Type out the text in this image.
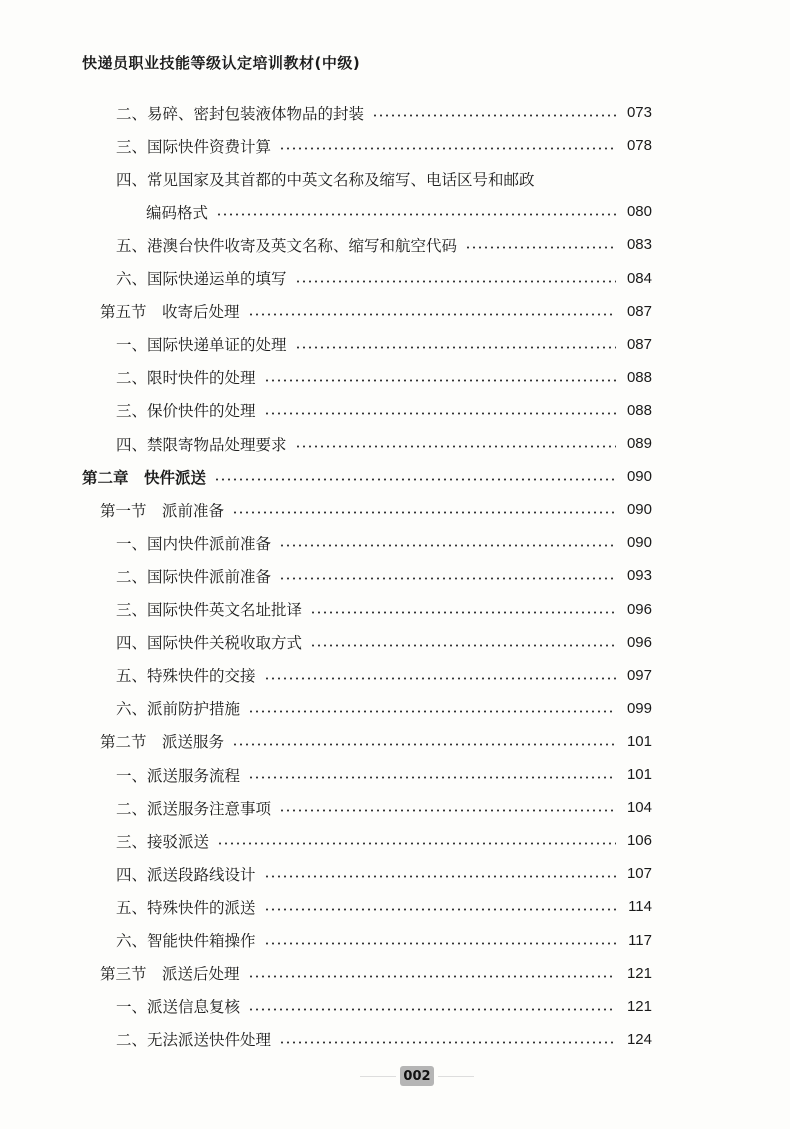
快递员职业技能等级认定培训教材(中级)
二、易碎、密封包装液体物品的封装	073
三、国际快件资费计算	078
四、常见国家及其首都的中英文名称及缩写、电话区号和邮政
编码格式	080
五、港澳台快件收寄及英文名称、缩写和航空代码	083
六、国际快递运单的填写	084
第五节　收寄后处理	087
一、国际快递单证的处理	087
二、限时快件的处理	088
三、保价快件的处理	088
四、禁限寄物品处理要求	089
第二章　快件派送	090
第一节　派前准备	090
一、国内快件派前准备	090
二、国际快件派前准备	093
三、国际快件英文名址批译	096
四、国际快件关税收取方式	096
五、特殊快件的交接	097
六、派前防护措施	099
第二节　派送服务	101
一、派送服务流程	101
二、派送服务注意事项	104
三、接驳派送	106
四、派送段路线设计	107
五、特殊快件的派送	114
六、智能快件箱操作	117
第三节　派送后处理	121
一、派送信息复核	121
二、无法派送快件处理	124
002
